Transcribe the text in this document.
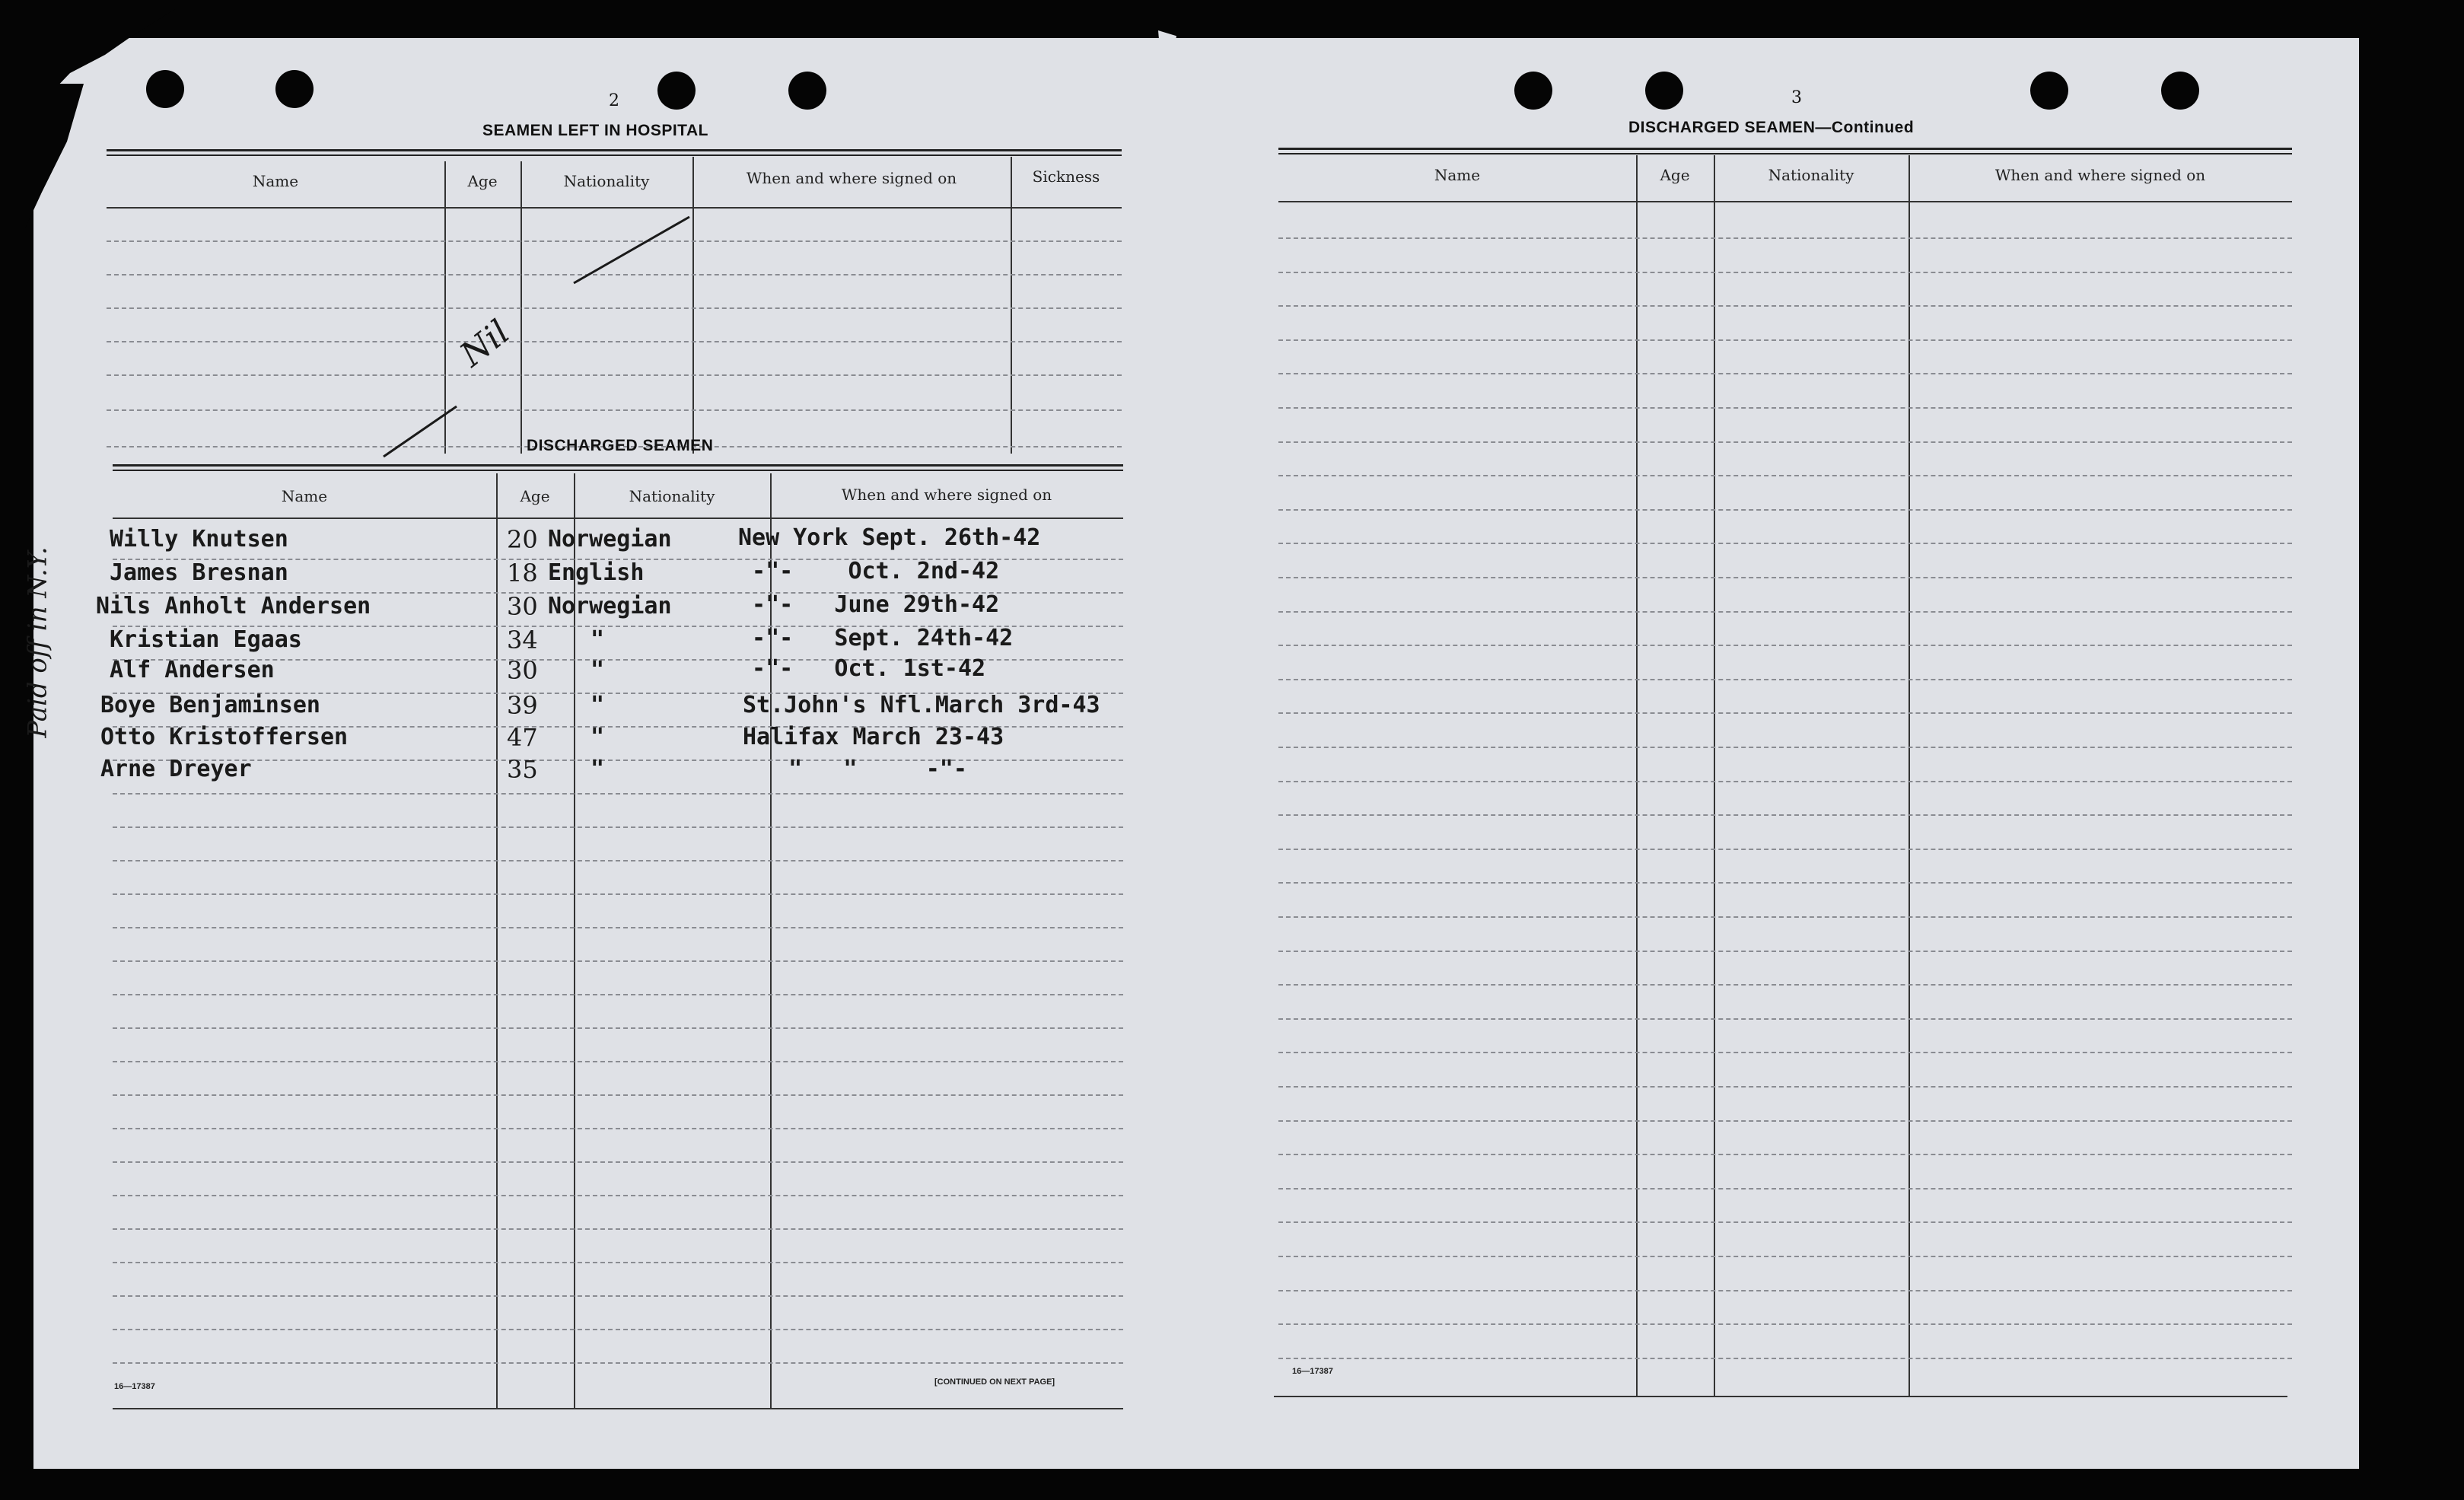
2
SEAMEN LEFT IN HOSPITAL
Name	Age	Nationality	When and where signed on	Sickness
Nil
DISCHARGED SEAMEN
Name	Age	Nationality	When and where signed on
Willy Knutsen	20 Norwegian	New York Sept. 26th-42
James Bresnan	18 English	-"-    Oct. 2nd-42
Nils Anholt Andersen	30 Norwegian	-"-   June 29th-42
Kristian Egaas	34 "	-"-   Sept. 24th-42
Alf Andersen	30 "	-"-   Oct. 1st-42
Boye Benjaminsen	39 "	St.John's Nfl.March 3rd-43
Otto Kristoffersen	47 "	Halifax March 23-43
Arne Dreyer	35 "	"   "     -"-
Paid off in N.Y.
16—17387	[CONTINUED ON NEXT PAGE]
3
DISCHARGED SEAMEN—Continued
Name	Age	Nationality	When and where signed on
16—17387
